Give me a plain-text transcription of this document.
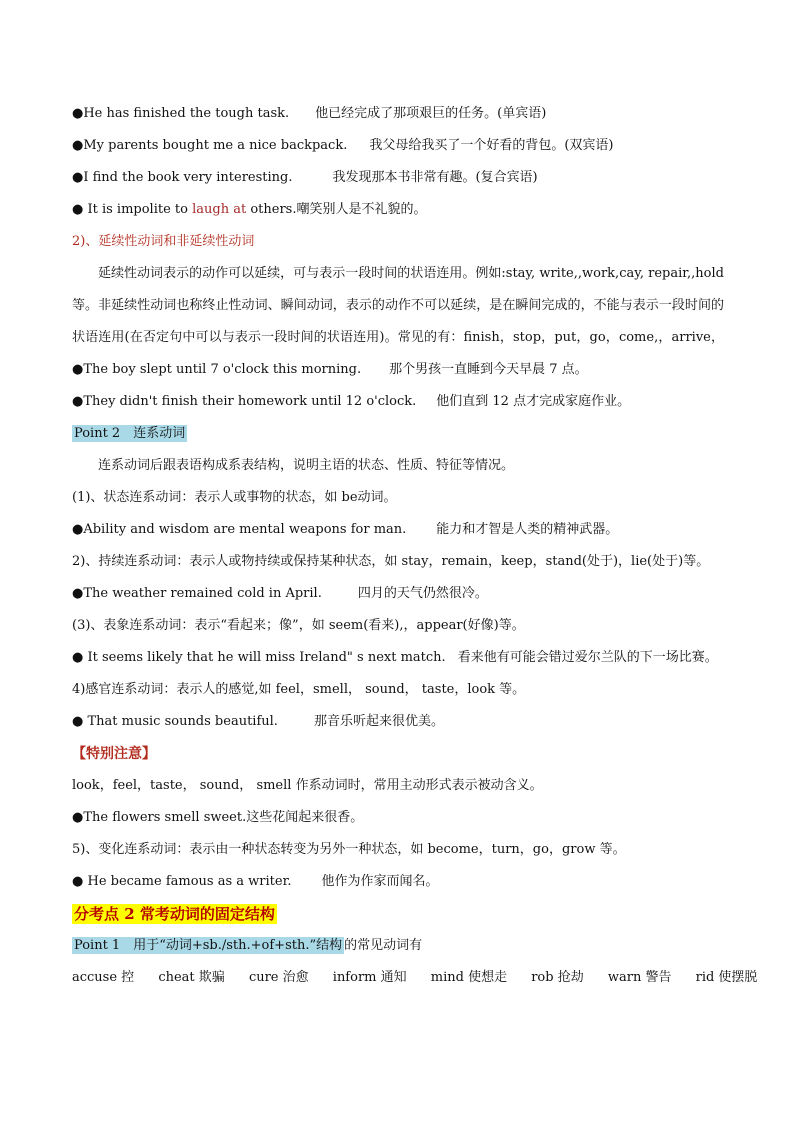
●He has finished the tough task. 他已经完成了那项艰巨的任务。(单宾语)
●My parents bought me a nice backpack. 我父母给我买了一个好看的背包。(双宾语)
●I find the book very interesting.	我发现那本书非常有趣。(复合宾语)
● It is impolite to laugh at others.嘲笑别人是不礼貌的。
2)、延续性动词和非延续性动词
延续性动词表示的动作可以延续，可与表示一段时间的状语连用。例如:stay, write,,work,cay, repair,,hold等。非延续性动词也称终止性动词、瞬间动词，表示的动作不可以延续，是在瞬间完成的，不能与表示一段时间的状语连用(在否定句中可以与表示一段时间的状语连用)。常见的有：finish，stop，put，go，come,，arrive，
●The boy slept until 7 o'clock this morning. 那个男孩一直睡到今天早晨 7 点。
●They didn't finish their homework until 12 o'clock. 他们直到 12 点才完成家庭作业。
Point 2　连系动词
连系动词后跟表语构成系表结构，说明主语的状态、性质、特征等情况。
(1)、状态连系动词：表示人或事物的状态，如 be动词。
●Ability and wisdom are mental weapons for man. 能力和才智是人类的精神武器。
2)、持续连系动词：表示人或物持续或保持某种状态，如 stay，remain，keep，stand(处于)，lie(处于)等。
●The weather remained cold in April.	四月的天气仍然很冷。
(3)、表象连系动词：表示“看起来；像”，如 seem(看来),，appear(好像)等。
● It seems likely that he will miss Ireland" s next match. 看来他有可能会错过爱尔兰队的下一场比赛。
4)感官连系动词：表示人的感觉,如 feel，smell， sound， taste，look 等。
● That music sounds beautiful.	那音乐听起来很优美。
【特别注意】
look，feel，taste， sound， smell 作系动词时，常用主动形式表示被动含义。
●The flowers smell sweet.这些花闻起来很香。
5)、变化连系动词：表示由一种状态转变为另外一种状态，如 become，turn，go，grow 等。
● He became famous as a writer. 他作为作家而闻名。
分考点 2 常考动词的固定结构
Point 1　用于“动词+sb./sth.+of+sth.”结构 的常见动词有
accuse 控 cheat 欺骗 cure 治愈 inform 通知 mind 使想走 rob 抢劫 warn 警告 rid 使摆脱
